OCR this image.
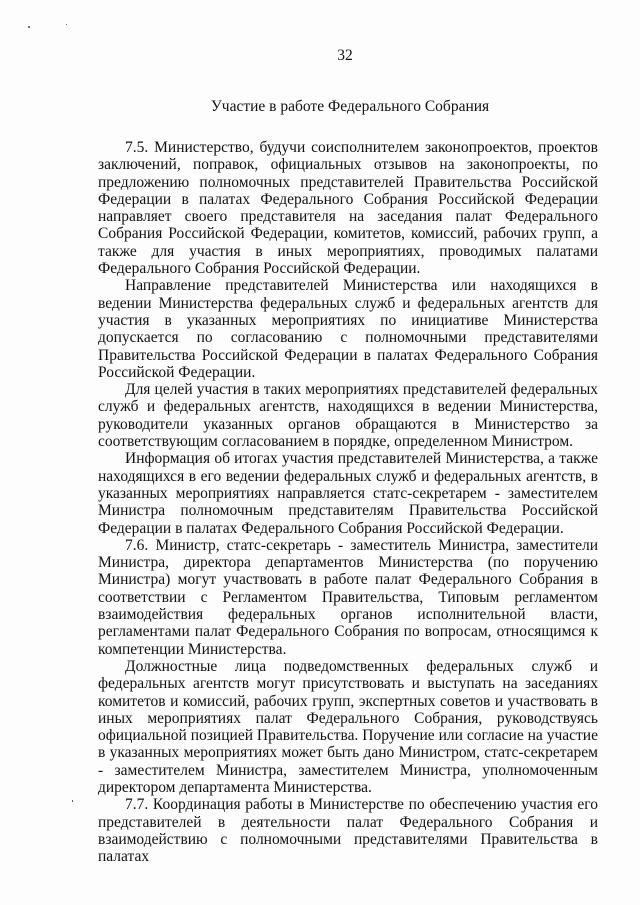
32
Участие в работе Федерального Собрания

7.5. Министерство, будучи соисполнителем законопроектов, проектов заключений, поправок, официальных отзывов на законопроекты, по предложению полномочных представителей Правительства Российской Федерации в палатах Федерального Собрания Российской Федерации направляет своего представителя на заседания палат Федерального Собрания Российской Федерации, комитетов, комиссий, рабочих групп, а также для участия в иных мероприятиях, проводимых палатами Федерального Собрания Российской Федерации.

Направление представителей Министерства или находящихся в ведении Министерства федеральных служб и федеральных агентств для участия в указанных мероприятиях по инициативе Министерства допускается по согласованию с полномочными представителями Правительства Российской Федерации в палатах Федерального Собрания Российской Федерации.

Для целей участия в таких мероприятиях представителей федеральных служб и федеральных агентств, находящихся в ведении Министерства, руководители указанных органов обращаются в Министерство за соответствующим согласованием в порядке, определенном Министром.

Информация об итогах участия представителей Министерства, а также находящихся в его ведении федеральных служб и федеральных агентств, в указанных мероприятиях направляется статс-секретарем - заместителем Министра полномочным представителям Правительства Российской Федерации в палатах Федерального Собрания Российской Федерации.

7.6. Министр, статс-секретарь - заместитель Министра, заместители Министра, директора департаментов Министерства (по поручению Министра) могут участвовать в работе палат Федерального Собрания в соответствии с Регламентом Правительства, Типовым регламентом взаимодействия федеральных органов исполнительной власти, регламентами палат Федерального Собрания по вопросам, относящимся к компетенции Министерства.

Должностные лица подведомственных федеральных служб и федеральных агентств могут присутствовать и выступать на заседаниях комитетов и комиссий, рабочих групп, экспертных советов и участвовать в иных мероприятиях палат Федерального Собрания, руководствуясь официальной позицией Правительства. Поручение или согласие на участие в указанных мероприятиях может быть дано Министром, статс-секретарем - заместителем Министра, заместителем Министра, уполномоченным директором департамента Министерства.

7.7. Координация работы в Министерстве по обеспечению участия его представителей в деятельности палат Федерального Собрания и взаимодействию с полномочными представителями Правительства в палатах
